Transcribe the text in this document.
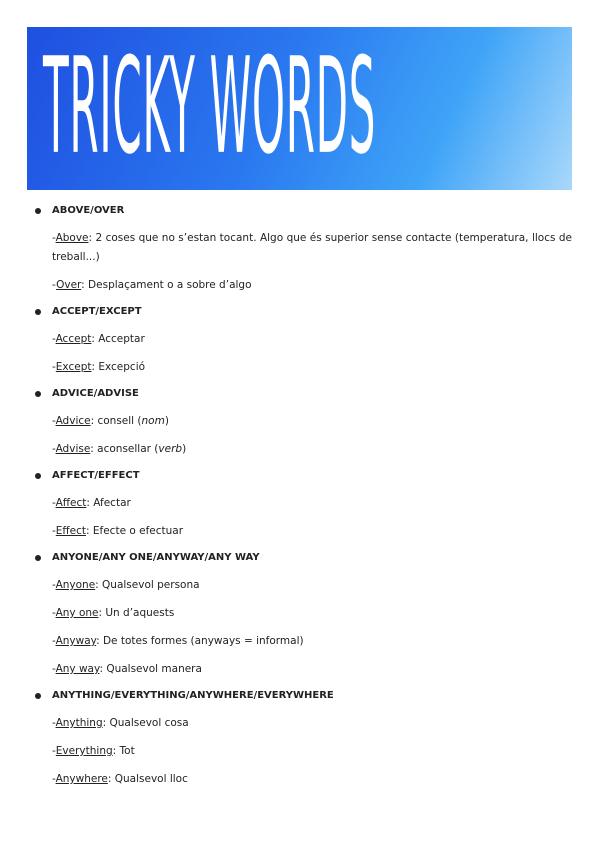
TRICKY WORDS
ABOVE/OVER
-Above: 2 coses que no s’estan tocant. Algo que és superior sense contacte (temperatura, llocs de treball...)
-Over: Desplaçament o a sobre d’algo
ACCEPT/EXCEPT
-Accept: Acceptar
-Except: Excepció
ADVICE/ADVISE
-Advice: consell (nom)
-Advise: aconsellar (verb)
AFFECT/EFFECT
-Affect: Afectar
-Effect: Efecte o efectuar
ANYONE/ANY ONE/ANYWAY/ANY WAY
-Anyone: Qualsevol persona
-Any one: Un d’aquests
-Anyway: De totes formes (anyways = informal)
-Any way: Qualsevol manera
ANYTHING/EVERYTHING/ANYWHERE/EVERYWHERE
-Anything: Qualsevol cosa
-Everything: Tot
-Anywhere: Qualsevol lloc
